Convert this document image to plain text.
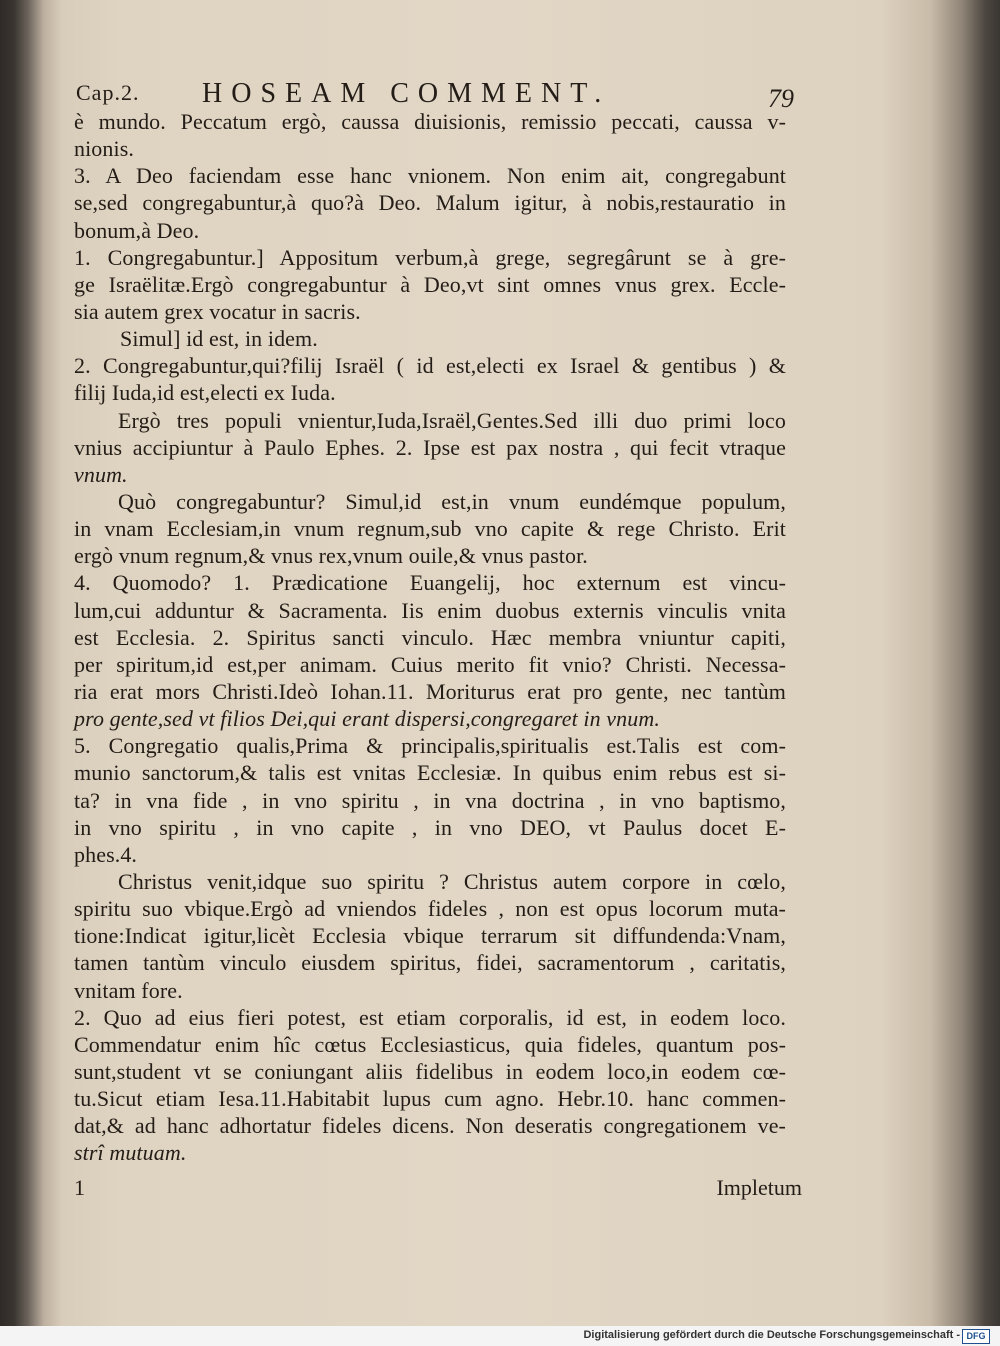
Cap.2. HOSEAM COMMENT.	79
è mundo. Peccatum ergò, caussa diuisionis, remissio peccati, caussa v-
nionis.
3. A Deo faciendam esse hanc vnionem. Non enim ait, congregabunt
se,sed congregabuntur,à quo?à Deo. Malum igitur, à nobis,restauratio in
bonum,à Deo.
1. Congregabuntur.] Appositum verbum,à grege, segregârunt se à gre-
ge Israëlitæ.Ergò congregabuntur à Deo,vt sint omnes vnus grex. Eccle-
sia autem grex vocatur in sacris.
Simul] id est, in idem.
2. Congregabuntur,qui?filij Israël ( id est,electi ex Israel & gentibus ) &
filij Iuda,id est,electi ex Iuda.
Ergò tres populi vnientur,Iuda,Israël,Gentes.Sed illi duo primi loco
vnius accipiuntur à Paulo Ephes. 2. Ipse est pax nostra , qui fecit vtraque
vnum.
Quò congregabuntur? Simul,id est,in vnum eundémque populum,
in vnam Ecclesiam,in vnum regnum,sub vno capite & rege Christo. Erit
ergò vnum regnum,& vnus rex,vnum ouile,& vnus pastor.
4. Quomodo? 1. Prædicatione Euangelij, hoc externum est vincu-
lum,cui adduntur & Sacramenta. Iis enim duobus externis vinculis vnita
est Ecclesia. 2. Spiritus sancti vinculo. Hæc membra vniuntur capiti,
per spiritum,id est,per animam. Cuius merito fit vnio? Christi. Necessa-
ria erat mors Christi.Ideò Iohan.11. Moriturus erat pro gente, nec tantùm
pro gente,sed vt filios Dei,qui erant dispersi,congregaret in vnum.
5. Congregatio qualis,Prima & principalis,spiritualis est.Talis est com-
munio sanctorum,& talis est vnitas Ecclesiæ. In quibus enim rebus est si-
ta? in vna fide , in vno spiritu , in vna doctrina , in vno baptismo,
in vno spiritu , in vno capite , in vno DEO, vt Paulus docet E-
phes.4.
Christus venit,idque suo spiritu ? Christus autem corpore in cœlo,
spiritu suo vbique.Ergò ad vniendos fideles , non est opus locorum muta-
tione:Indicat igitur,licèt Ecclesia vbique terrarum sit diffundenda:Vnam,
tamen tantùm vinculo eiusdem spiritus, fidei, sacramentorum , caritatis,
vnitam fore.
2. Quo ad eius fieri potest, est etiam corporalis, id est, in eodem loco.
Commendatur enim hîc cœtus Ecclesiasticus, quia fideles, quantum pos-
sunt,student vt se coniungant aliis fidelibus in eodem loco,in eodem cœ-
tu.Sicut etiam Iesa.11.Habitabit lupus cum agno. Hebr.10. hanc commen-
dat,& ad hanc adhortatur fideles dicens. Non deseratis congregationem ve-
strî mutuam.
1	Impletum
Digitalisierung gefördert durch die Deutsche Forschungsgemeinschaft - DFG
